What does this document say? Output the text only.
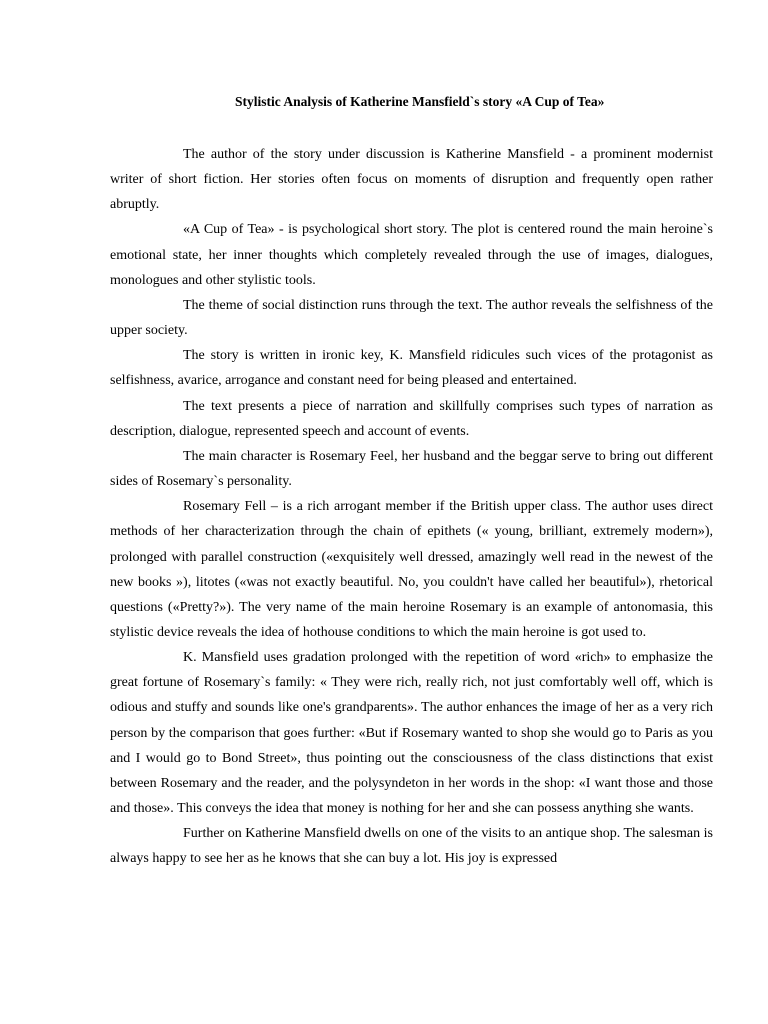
Stylistic Analysis of Katherine Mansfield`s story «A Cup of Tea»

The author of the story under discussion is Katherine Mansfield - a prominent modernist writer of short fiction. Her stories often focus on moments of disruption and frequently open rather abruptly.

«A Cup of Tea» - is psychological short story. The plot is centered round the main heroine`s emotional state, her inner thoughts which completely revealed through the use of images, dialogues, monologues and other stylistic tools.

The theme of social distinction runs through the text. The author reveals the selfishness of the upper society.

The story is written in ironic key, K. Mansfield ridicules such vices of the protagonist as selfishness, avarice, arrogance and constant need for being pleased and entertained.

The text presents a piece of narration and skillfully comprises such types of narration as description, dialogue, represented speech and account of events.

The main character is Rosemary Feel, her husband and the beggar serve to bring out different sides of Rosemary`s personality.

Rosemary Fell – is a rich arrogant member if the British upper class. The author uses direct methods of her characterization through the chain of epithets (« young, brilliant, extremely modern»), prolonged with parallel construction («exquisitely well dressed, amazingly well read in the newest of the new books »), litotes («was not exactly beautiful. No, you couldn't have called her beautiful»), rhetorical questions («Pretty?»). The very name of the main heroine Rosemary is an example of antonomasia, this stylistic device reveals the idea of hothouse conditions to which the main heroine is got used to.

K. Mansfield uses gradation prolonged with the repetition of word «rich» to emphasize the great fortune of Rosemary`s family: « They were rich, really rich, not just comfortably well off, which is odious and stuffy and sounds like one's grandparents». The author enhances the image of her as a very rich person by the comparison that goes further: «But if Rosemary wanted to shop she would go to Paris as you and I would go to Bond Street», thus pointing out the consciousness of the class distinctions that exist between Rosemary and the reader, and the polysyndeton in her words in the shop: «I want those and those and those». This conveys the idea that money is nothing for her and she can possess anything she wants.

Further on Katherine Mansfield dwells on one of the visits to an antique shop. The salesman is always happy to see her as he knows that she can buy a lot. His joy is expressed
